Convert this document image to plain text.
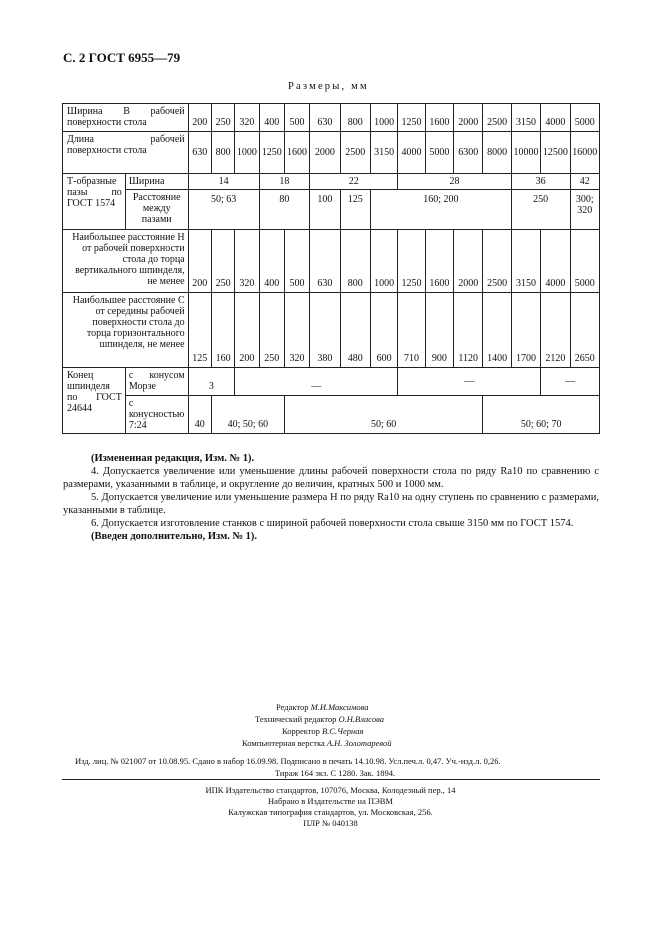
С. 2 ГОСТ 6955—79
Размеры, мм
Ширина В рабочей поверхности стола		200	250	320	400	500	630	800	1000	1250	1600	2000	2500	3150	4000	5000
Длина рабочей поверхности стола		630	800	1000	1250	1600	2000	2500	3150	4000	5000	6300	8000	10000	12500	16000
Т-образные пазы по ГОСТ 1574	Ширина	14			18		22			28				36		42
	Расстояние между пазами	50; 63			80		100	125	160; 200					250		300; 320
Наибольшее расстояние Н от рабочей поверхности стола до торца вертикального шпинделя, не менее		200	250	320	400	500	630	800	1000	1250	1600	2000	2500	3150	4000	5000
Наибольшее расстояние С от середины рабочей поверхности стола до торца горизонтального шпинделя, не менее		125	160	200	250	320	380	480	600	710	900	1120	1400	1700	2120	2650
Конец шпинделя по ГОСТ 24644	с конусом Морзе	3		—						—					—	
	с конусностью 7:24	40	40; 50; 60			50; 60							50; 60; 70			

(Измененная редакция, Изм. № 1).

4. Допускается увеличение или уменьшение длины рабочей поверхности стола по ряду Ra10 по сравнению с размерами, указанными в таблице, и округление до величин, кратных 500 и 1000 мм.

5. Допускается увеличение или уменьшение размера Н по ряду Ra10 на одну ступень по сравнению с размерами, указанными в таблице.

6. Допускается изготовление станков с шириной рабочей поверхности стола свыше 3150 мм по ГОСТ 1574.

(Введен дополнительно, Изм. № 1).

Редактор М.И.Максимова
Технический редактор О.Н.Власова
Корректор В.С.Черная
Компьютерная верстка А.Н. Золотаревой
Изд. лиц. № 021007 от 10.08.95. Сдано в набор 16.09.98. Подписано в печать 14.10.98. Усл.печ.л. 0,47. Уч.-изд.л. 0,26.
Тираж 164 экз. С 1280. Зак. 1894.
ИПК Издательство стандартов, 107076, Москва, Колодезный пер., 14
Набрано в Издательстве на ПЭВМ
Калужская типография стандартов, ул. Московская, 256.
ПЛР № 040138
